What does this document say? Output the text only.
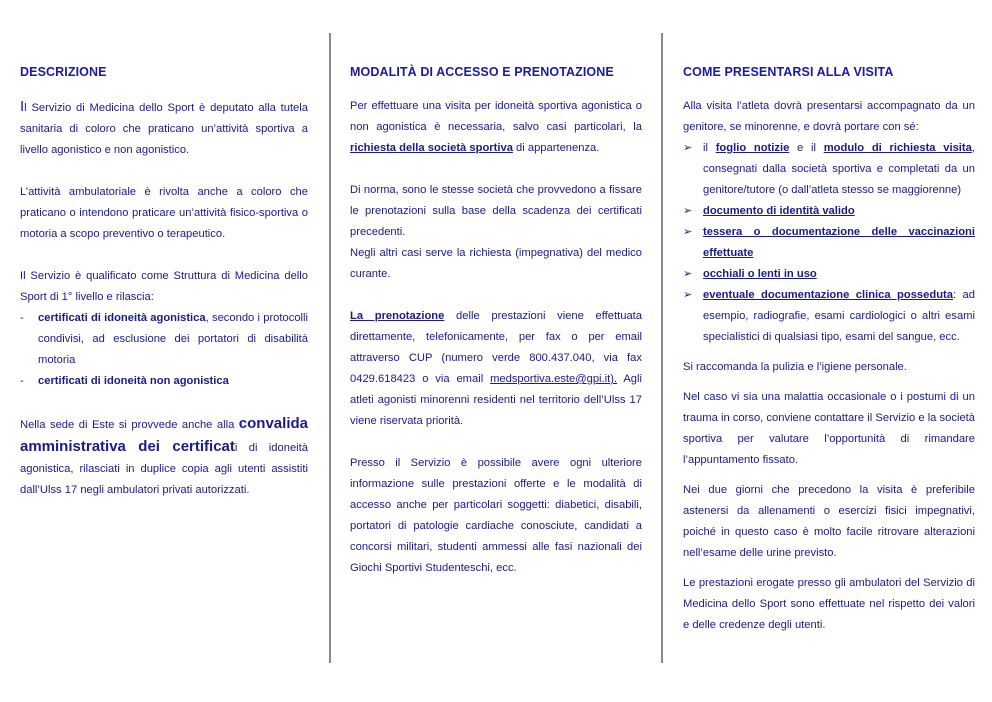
DESCRIZIONE

Il Servizio di Medicina dello Sport è deputato alla tutela sanitaria di coloro che praticano un’attività sportiva a livello agonistico e non agonistico.

L’attività ambulatoriale è rivolta anche a coloro che praticano o intendono praticare un’attività fisico-sportiva o motoria a scopo preventivo o terapeutico.

Il Servizio è qualificato come Struttura di Medicina dello Sport di 1° livello e rilascia:

- certificati di idoneità agonistica, secondo i protocolli condivisi, ad esclusione dei portatori di disabilità motoria
- certificati di idoneità non agonistica

Nella sede di Este si provvede anche alla convalida amministrativa dei certificati di idoneità agonistica, rilasciati in duplice copia agli utenti assistiti dall’Ulss 17 negli ambulatori privati autorizzati.

MODALITÀ DI ACCESSO E PRENOTAZIONE

Per effettuare una visita per idoneità sportiva agonistica o non agonistica è necessaria, salvo casi particolari, la richiesta della società sportiva di appartenenza.

Di norma, sono le stesse società che provvedono a fissare le prenotazioni sulla base della scadenza dei certificati precedenti.

Negli altri casi serve la richiesta (impegnativa) del medico curante.

La prenotazione delle prestazioni viene effettuata direttamente, telefonicamente, per fax o per email attraverso CUP (numero verde 800.437.040, via fax 0429.618423 o via email medsportiva.este@gpi.it). Agli atleti agonisti minorenni residenti nel territorio dell’Ulss 17 viene riservata priorità.

Presso il Servizio è possibile avere ogni ulteriore informazione sulle prestazioni offerte e le modalità di accesso anche per particolari soggetti: diabetici, disabili, portatori di patologie cardiache conosciute, candidati a concorsi militari, studenti ammessi alle fasi nazionali dei Giochi Sportivi Studenteschi, ecc.

COME PRESENTARSI ALLA VISITA

Alla visita l’atleta dovrà presentarsi accompagnato da un genitore, se minorenne, e dovrà portare con sé:

➢ il foglio notizie e il modulo di richiesta visita, consegnati dalla società sportiva e completati da un genitore/tutore (o dall’atleta stesso se maggiorenne)
➢ documento di identità valido
➢ tessera o documentazione delle vaccinazioni effettuate
➢ occhiali o lenti in uso
➢ eventuale documentazione clinica posseduta: ad esempio, radiografie, esami cardiologici o altri esami specialistici di qualsiasi tipo, esami del sangue, ecc.

Si raccomanda la pulizia e l’igiene personale.

Nel caso vi sia una malattia occasionale o i postumi di un trauma in corso, conviene contattare il Servizio e la società sportiva per valutare l’opportunità di rimandare l’appuntamento fissato.

Nei due giorni che precedono la visita è preferibile astenersi da allenamenti o esercizi fisici impegnativi, poiché in questo caso è molto facile ritrovare alterazioni nell’esame delle urine previsto.

Le prestazioni erogate presso gli ambulatori del Servizio di Medicina dello Sport sono effettuate nel rispetto dei valori e delle credenze degli utenti.
